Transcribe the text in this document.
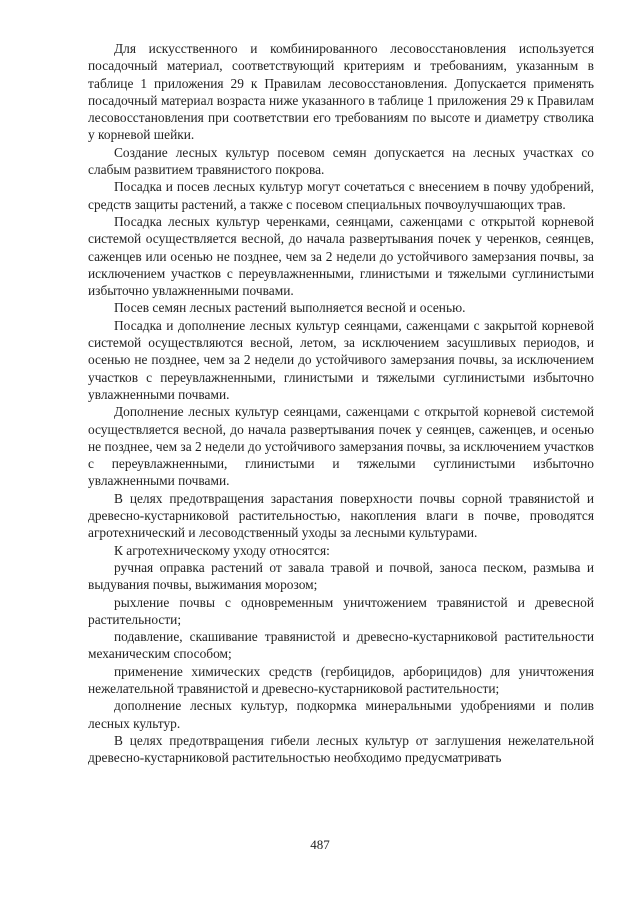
Для искусственного и комбинированного лесовосстановления используется посадочный материал, соответствующий критериям и требованиям, указанным в таблице 1 приложения 29 к Правилам лесовосстановления. Допускается применять посадочный материал возраста ниже указанного в таблице 1 приложения 29 к Правилам лесовосстановления при соответствии его требованиям по высоте и диаметру стволика у корневой шейки.

Создание лесных культур посевом семян допускается на лесных участках со слабым развитием травянистого покрова.

Посадка и посев лесных культур могут сочетаться с внесением в почву удобрений, средств защиты растений, а также с посевом специальных почвоулучшающих трав.

Посадка лесных культур черенками, сеянцами, саженцами с открытой корневой системой осуществляется весной, до начала развертывания почек у черенков, сеянцев, саженцев или осенью не позднее, чем за 2 недели до устойчивого замерзания почвы, за исключением участков с переувлажненными, глинистыми и тяжелыми суглинистыми избыточно увлажненными почвами.

Посев семян лесных растений выполняется весной и осенью.

Посадка и дополнение лесных культур сеянцами, саженцами с закрытой корневой системой осуществляются весной, летом, за исключением засушливых периодов, и осенью не позднее, чем за 2 недели до устойчивого замерзания почвы, за исключением участков с переувлажненными, глинистыми и тяжелыми суглинистыми избыточно увлажненными почвами.

Дополнение лесных культур сеянцами, саженцами с открытой корневой системой осуществляется весной, до начала развертывания почек у сеянцев, саженцев, и осенью не позднее, чем за 2 недели до устойчивого замерзания почвы, за исключением участков с переувлажненными, глинистыми и тяжелыми суглинистыми избыточно увлажненными почвами.

В целях предотвращения зарастания поверхности почвы сорной травянистой и древесно-кустарниковой растительностью, накопления влаги в почве, проводятся агротехнический и лесоводственный уходы за лесными культурами.

К агротехническому уходу относятся:

ручная оправка растений от завала травой и почвой, заноса песком, размыва и выдувания почвы, выжимания морозом;

рыхление почвы с одновременным уничтожением травянистой и древесной растительности;

подавление, скашивание травянистой и древесно-кустарниковой растительности механическим способом;

применение химических средств (гербицидов, арборицидов) для уничтожения нежелательной травянистой и древесно-кустарниковой растительности;

дополнение лесных культур, подкормка минеральными удобрениями и полив лесных культур.

В целях предотвращения гибели лесных культур от заглушения нежелательной древесно-кустарниковой растительностью необходимо предусматривать

487
